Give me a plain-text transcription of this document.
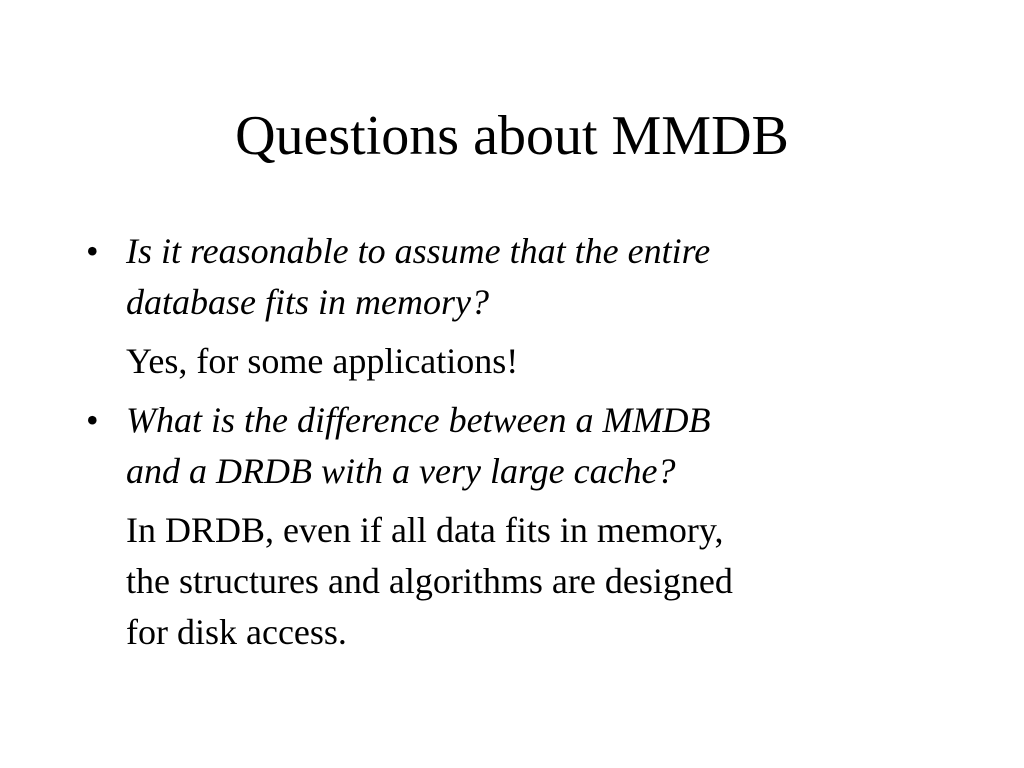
Questions about MMDB
• Is it reasonable to assume that the entire
database fits in memory?
Yes, for some applications!
• What is the difference between a MMDB
and a DRDB with a very large cache?
In DRDB, even if all data fits in memory,
the structures and algorithms are designed
for disk access.
